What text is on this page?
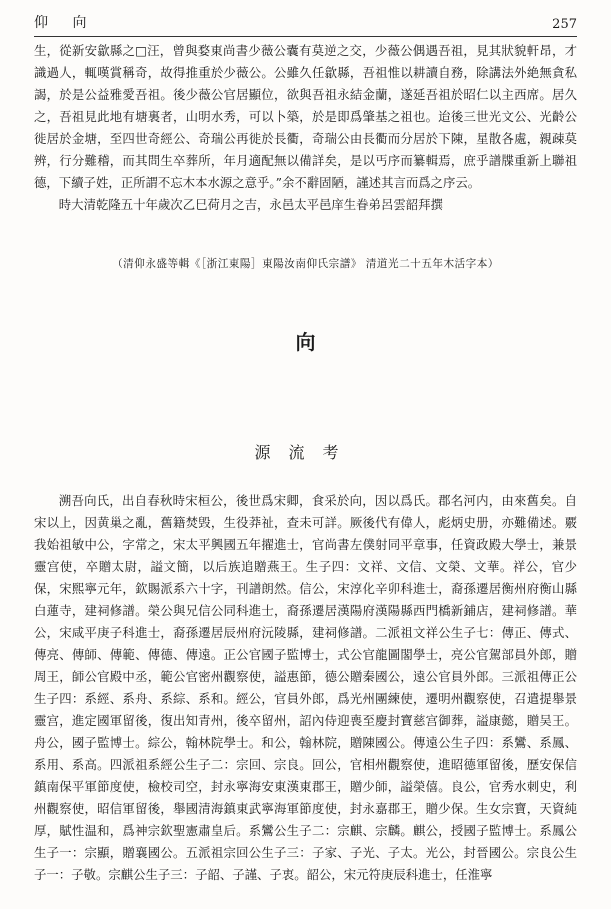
仰 向	257

生，從新安歙縣之□汪，曾與婺東尚書少薇公囊有莫逆之交，少薇公偶遇吾祖，見其狀貌軒昂，才識過人，輒嘆賞稱奇，故得推重於少薇公。公雖久任歙縣，吾祖惟以耕讀自務，除講法外絶無貪私謁，於是公益雅愛吾祖。後少薇公官居顯位，欲與吾祖永結金蘭，遂延吾祖於昭仁以主西席。居久之，吾祖見此地有塘裏者，山明水秀，可以卜築，於是即爲肇基之祖也。迨後三世光文公、光齡公徙居於金塘，至四世奇經公、奇瑞公再徙於長衢，奇瑞公由長衢而分居於下陳，星散各處，親疎莫辨，行分難稽，而其問生卒葬所，年月適配無以備詳矣，是以丐序而纂輯焉，庶乎譜牒重新上聯祖德，下續子姓，正所謂不忘木本水源之意乎。”余不辭固陋，謹述其言而爲之序云。

時大清乾隆五十年歲次乙巳荷月之吉，永邑太平邑庠生眷弟呂雲韶拜撰

（清仰永盛等輯《［浙江東陽］東陽汝南仰氏宗譜》 清道光二十五年木活字本）
向
源流考

溯吾向氏，出自春秋時宋桓公，後世爲宋卿，食采於向，因以爲氏。郡名河内，由來舊矣。自宋以上，因黄巢之亂，舊籍焚毁，生役莽祉，查未可詳。厥後代有偉人，彪炳史册，亦難備述。覈我始祖敏中公，字常之，宋太平興國五年擢進士，官尚書左僕射同平章事，任資政殿大學士，兼景靈宫使，卒贈太尉，謚文簡，以后族追贈燕王。生子四：文祥、文信、文榮、文華。祥公，官少保，宋熙寧元年，欽賜派系六十字，刊譜朗然。信公，宋淳化辛卯科進士，裔孫遷居衡州府衡山縣白蓮寺，建祠修譜。榮公與兄信公同科進士，裔孫遷居漢陽府漢陽縣西門橋新鋪店，建祠修譜。華公，宋咸平庚子科進士，裔孫遷居辰州府沅陵縣，建祠修譜。二派祖文祥公生子七：傳正、傳式、傳亮、傳師、傳範、傳德、傳遠。正公官國子監博士，式公官龍圖閣學士，亮公官駕部員外郎，贈周王，師公官殿中丞，範公官密州觀察使，謚惠節，德公贈秦國公，遠公官員外郎。三派祖傳正公生子四：系經、系舟、系綜、系和。經公，官員外郎，爲光州團練使，遷明州觀察使，召遣提舉景靈宫，進定國軍留後，復出知青州，後卒留州，詔內侍迎喪至慶封寶慈宫御葬，謚康懿，贈吴王。舟公，國子監博士。綜公，翰林院學士。和公，翰林院，贈陳國公。傳遠公生子四：系鸞、系鳳、系用、系高。四派祖系經公生子二：宗回、宗良。回公，官相州觀察使，進昭德軍留後，歷安保信鎮南保平軍節度使，檢校司空，封永寧海安東漢東郡王，贈少師，謚榮僖。良公，官秀水刺史，利州觀察使，昭信軍留後，舉國清海鎮東武寧海軍節度使，封永嘉郡王，贈少保。生女宗寶，天資純厚，賦性温和，爲神宗欽聖憲肅皇后。系鸞公生子二：宗麒、宗麟。麒公，授國子監博士。系鳳公生子一：宗顯，贈襄國公。五派祖宗回公生子三：子家、子光、子太。光公，封晉國公。宗良公生子一：子敬。宗麒公生子三：子韶、子謹、子衷。韶公，宋元符庚辰科進士，任淮寧
